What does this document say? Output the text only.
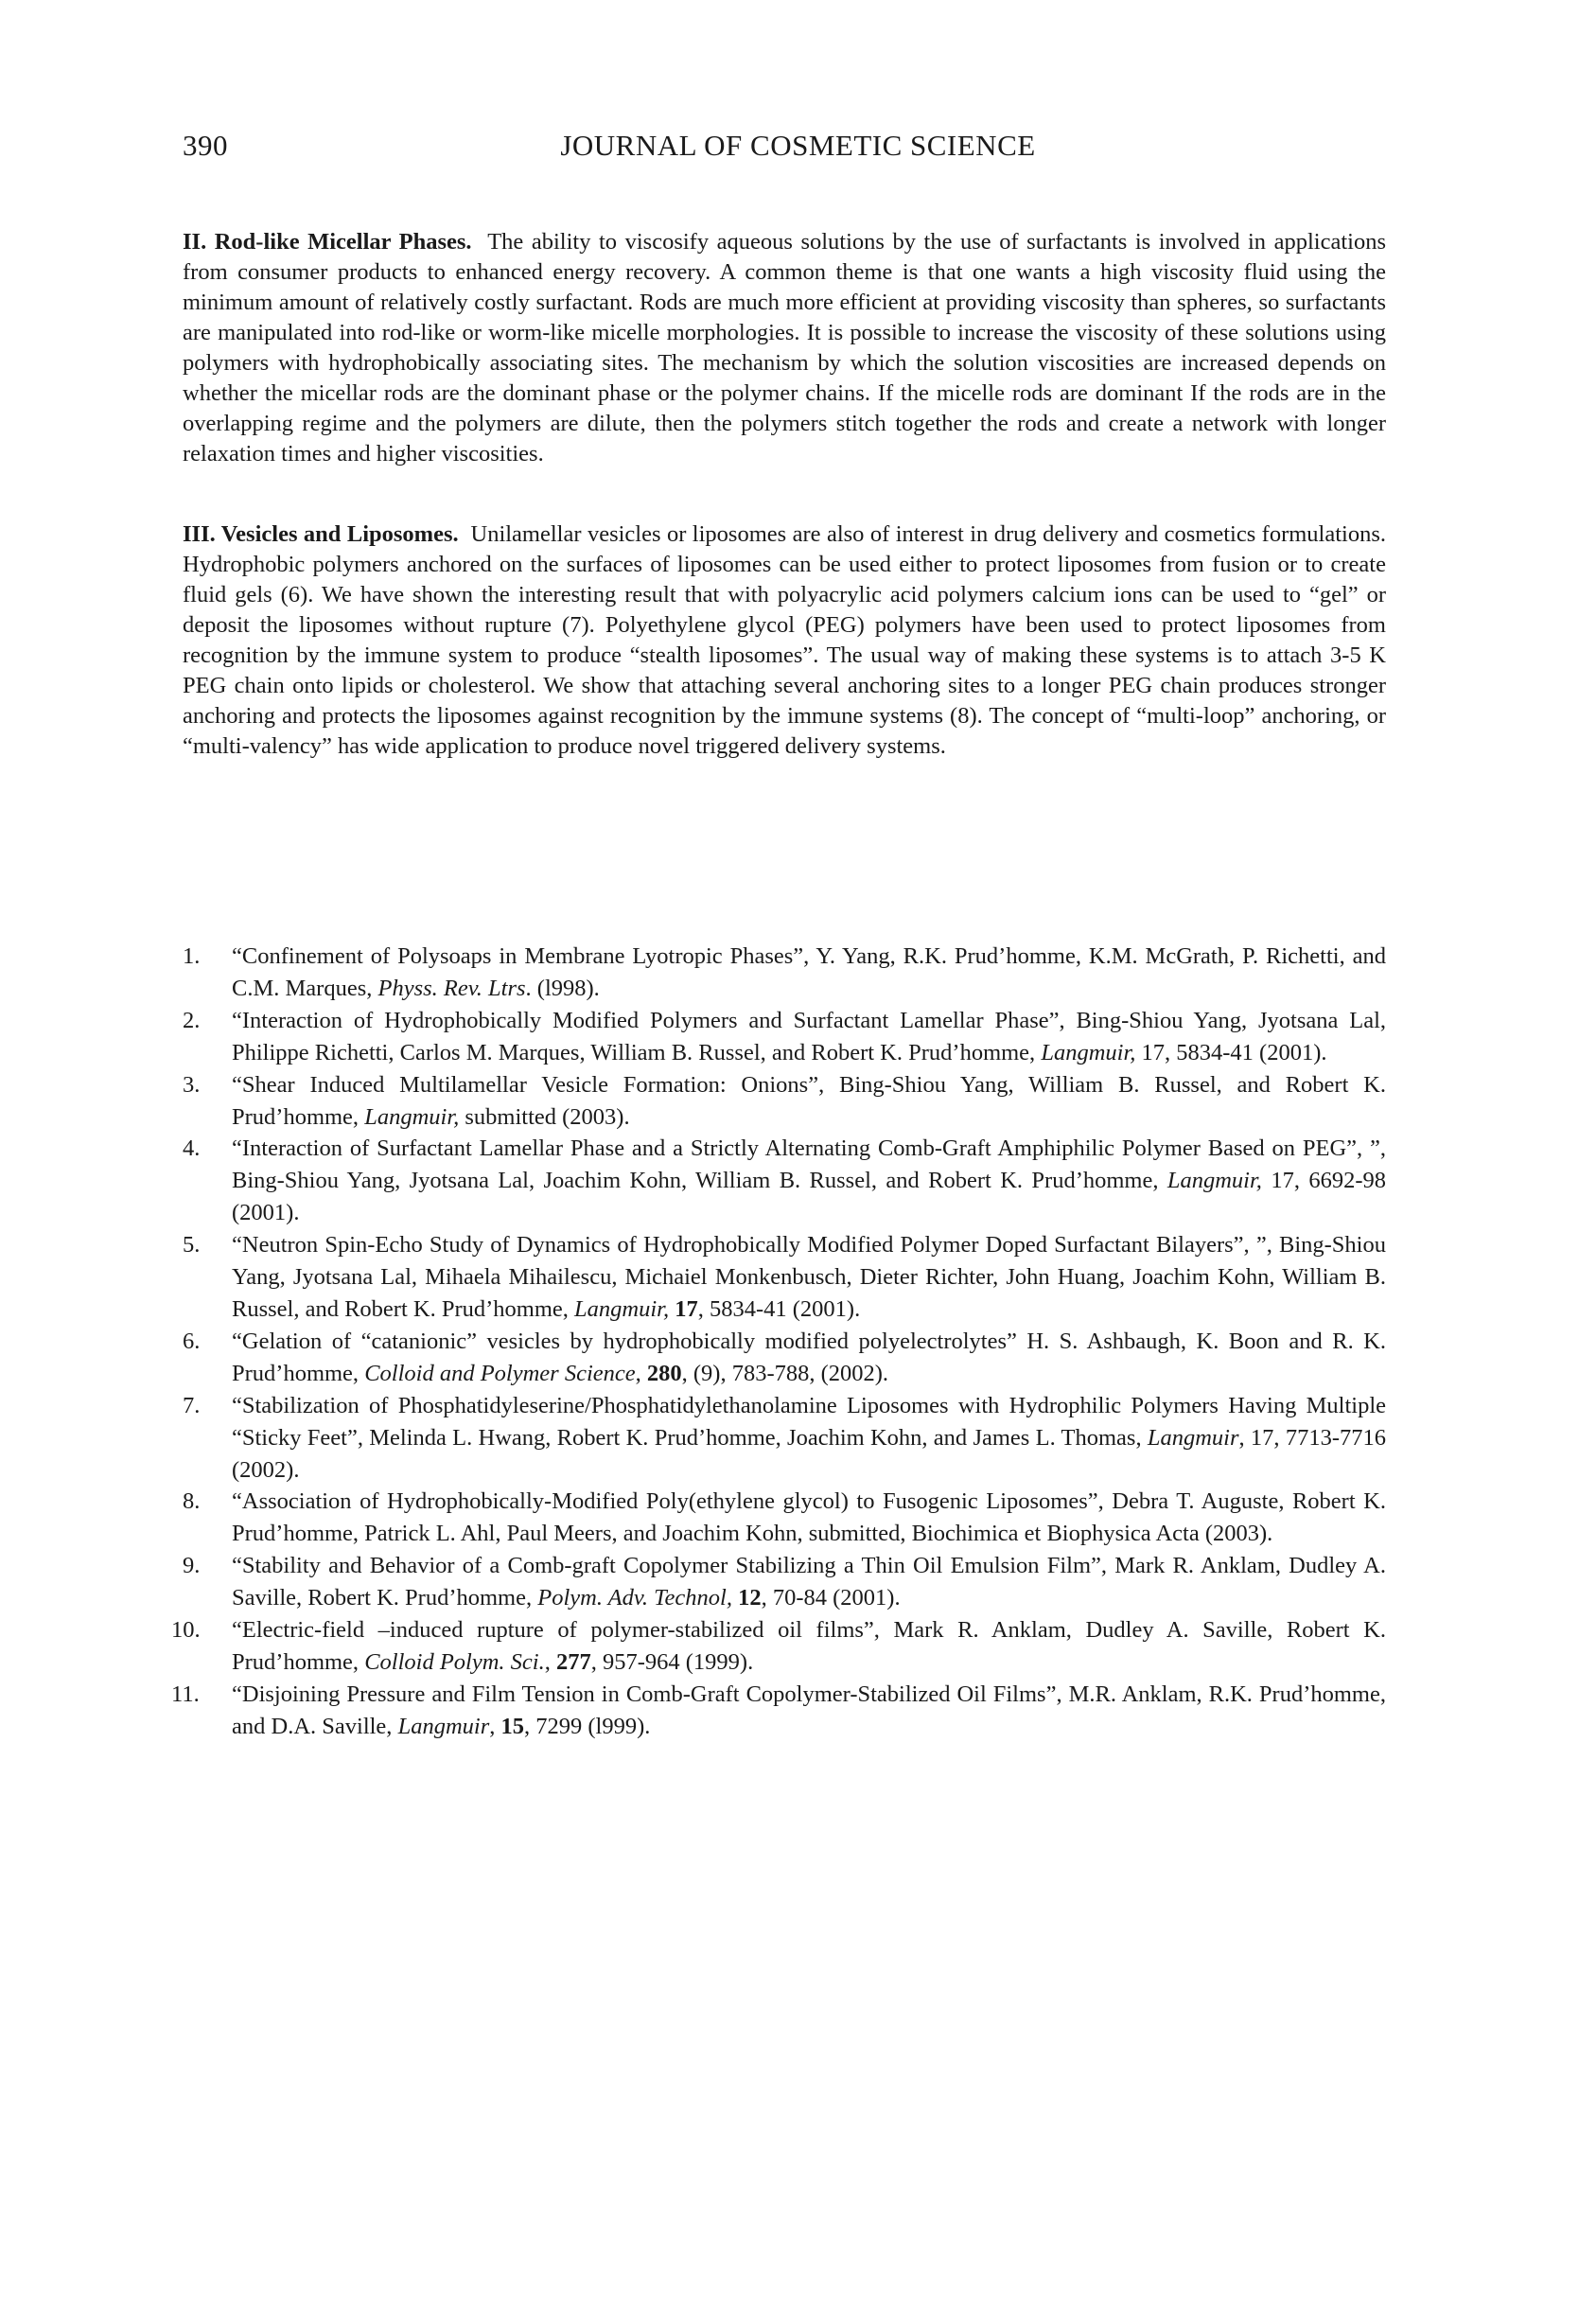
390	JOURNAL OF COSMETIC SCIENCE
II. Rod-like Micellar Phases. The ability to viscosify aqueous solutions by the use of surfactants is involved in applications from consumer products to enhanced energy recovery. A common theme is that one wants a high viscosity fluid using the minimum amount of relatively costly surfactant. Rods are much more efficient at providing viscosity than spheres, so surfactants are manipulated into rod-like or worm-like micelle morphologies. It is possible to increase the viscosity of these solutions using polymers with hydrophobically associating sites. The mechanism by which the solution viscosities are increased depends on whether the micellar rods are the dominant phase or the polymer chains. If the micelle rods are dominant If the rods are in the overlapping regime and the polymers are dilute, then the polymers stitch together the rods and create a network with longer relaxation times and higher viscosities.
III. Vesicles and Liposomes. Unilamellar vesicles or liposomes are also of interest in drug delivery and cosmetics formulations. Hydrophobic polymers anchored on the surfaces of liposomes can be used either to protect liposomes from fusion or to create fluid gels (6). We have shown the interesting result that with polyacrylic acid polymers calcium ions can be used to “gel” or deposit the liposomes without rupture (7). Polyethylene glycol (PEG) polymers have been used to protect liposomes from recognition by the immune system to produce “stealth liposomes”. The usual way of making these systems is to attach 3-5 K PEG chain onto lipids or cholesterol. We show that attaching several anchoring sites to a longer PEG chain produces stronger anchoring and protects the liposomes against recognition by the immune systems (8). The concept of “multi-loop” anchoring, or “multi-valency” has wide application to produce novel triggered delivery systems.
1. “Confinement of Polysoaps in Membrane Lyotropic Phases”, Y. Yang, R.K. Prud’homme, K.M. McGrath, P. Richetti, and C.M. Marques, Physs. Rev. Ltrs. (l998).
2. “Interaction of Hydrophobically Modified Polymers and Surfactant Lamellar Phase”, Bing-Shiou Yang, Jyotsana Lal, Philippe Richetti, Carlos M. Marques, William B. Russel, and Robert K. Prud’homme, Langmuir, 17, 5834-41 (2001).
3. “Shear Induced Multilamellar Vesicle Formation: Onions”, Bing-Shiou Yang, William B. Russel, and Robert K. Prud’homme, Langmuir, submitted (2003).
4. “Interaction of Surfactant Lamellar Phase and a Strictly Alternating Comb-Graft Amphiphilic Polymer Based on PEG”, ”, Bing-Shiou Yang, Jyotsana Lal, Joachim Kohn, William B. Russel, and Robert K. Prud’homme, Langmuir, 17, 6692-98 (2001).
5. “Neutron Spin-Echo Study of Dynamics of Hydrophobically Modified Polymer Doped Surfactant Bilayers”, ”, Bing-Shiou Yang, Jyotsana Lal, Mihaela Mihailescu, Michaiel Monkenbusch, Dieter Richter, John Huang, Joachim Kohn, William B. Russel, and Robert K. Prud’homme, Langmuir, 17, 5834-41 (2001).
6. “Gelation of “catanionic” vesicles by hydrophobically modified polyelectrolytes” H. S. Ashbaugh, K. Boon and R. K. Prud’homme, Colloid and Polymer Science, 280, (9), 783-788, (2002).
7. “Stabilization of Phosphatidyleserine/Phosphatidylethanolamine Liposomes with Hydrophilic Polymers Having Multiple “Sticky Feet”, Melinda L. Hwang, Robert K. Prud’homme, Joachim Kohn, and James L. Thomas, Langmuir, 17, 7713-7716 (2002).
8. “Association of Hydrophobically-Modified Poly(ethylene glycol) to Fusogenic Liposomes”, Debra T. Auguste, Robert K. Prud’homme, Patrick L. Ahl, Paul Meers, and Joachim Kohn, submitted, Biochimica et Biophysica Acta (2003).
9. “Stability and Behavior of a Comb-graft Copolymer Stabilizing a Thin Oil Emulsion Film”, Mark R. Anklam, Dudley A. Saville, Robert K. Prud’homme, Polym. Adv. Technol, 12, 70-84 (2001).
10. “Electric-field –induced rupture of polymer-stabilized oil films”, Mark R. Anklam, Dudley A. Saville, Robert K. Prud’homme, Colloid Polym. Sci., 277, 957-964 (1999).
11. “Disjoining Pressure and Film Tension in Comb-Graft Copolymer-Stabilized Oil Films”, M.R. Anklam, R.K. Prud’homme, and D.A. Saville, Langmuir, 15, 7299 (l999).
